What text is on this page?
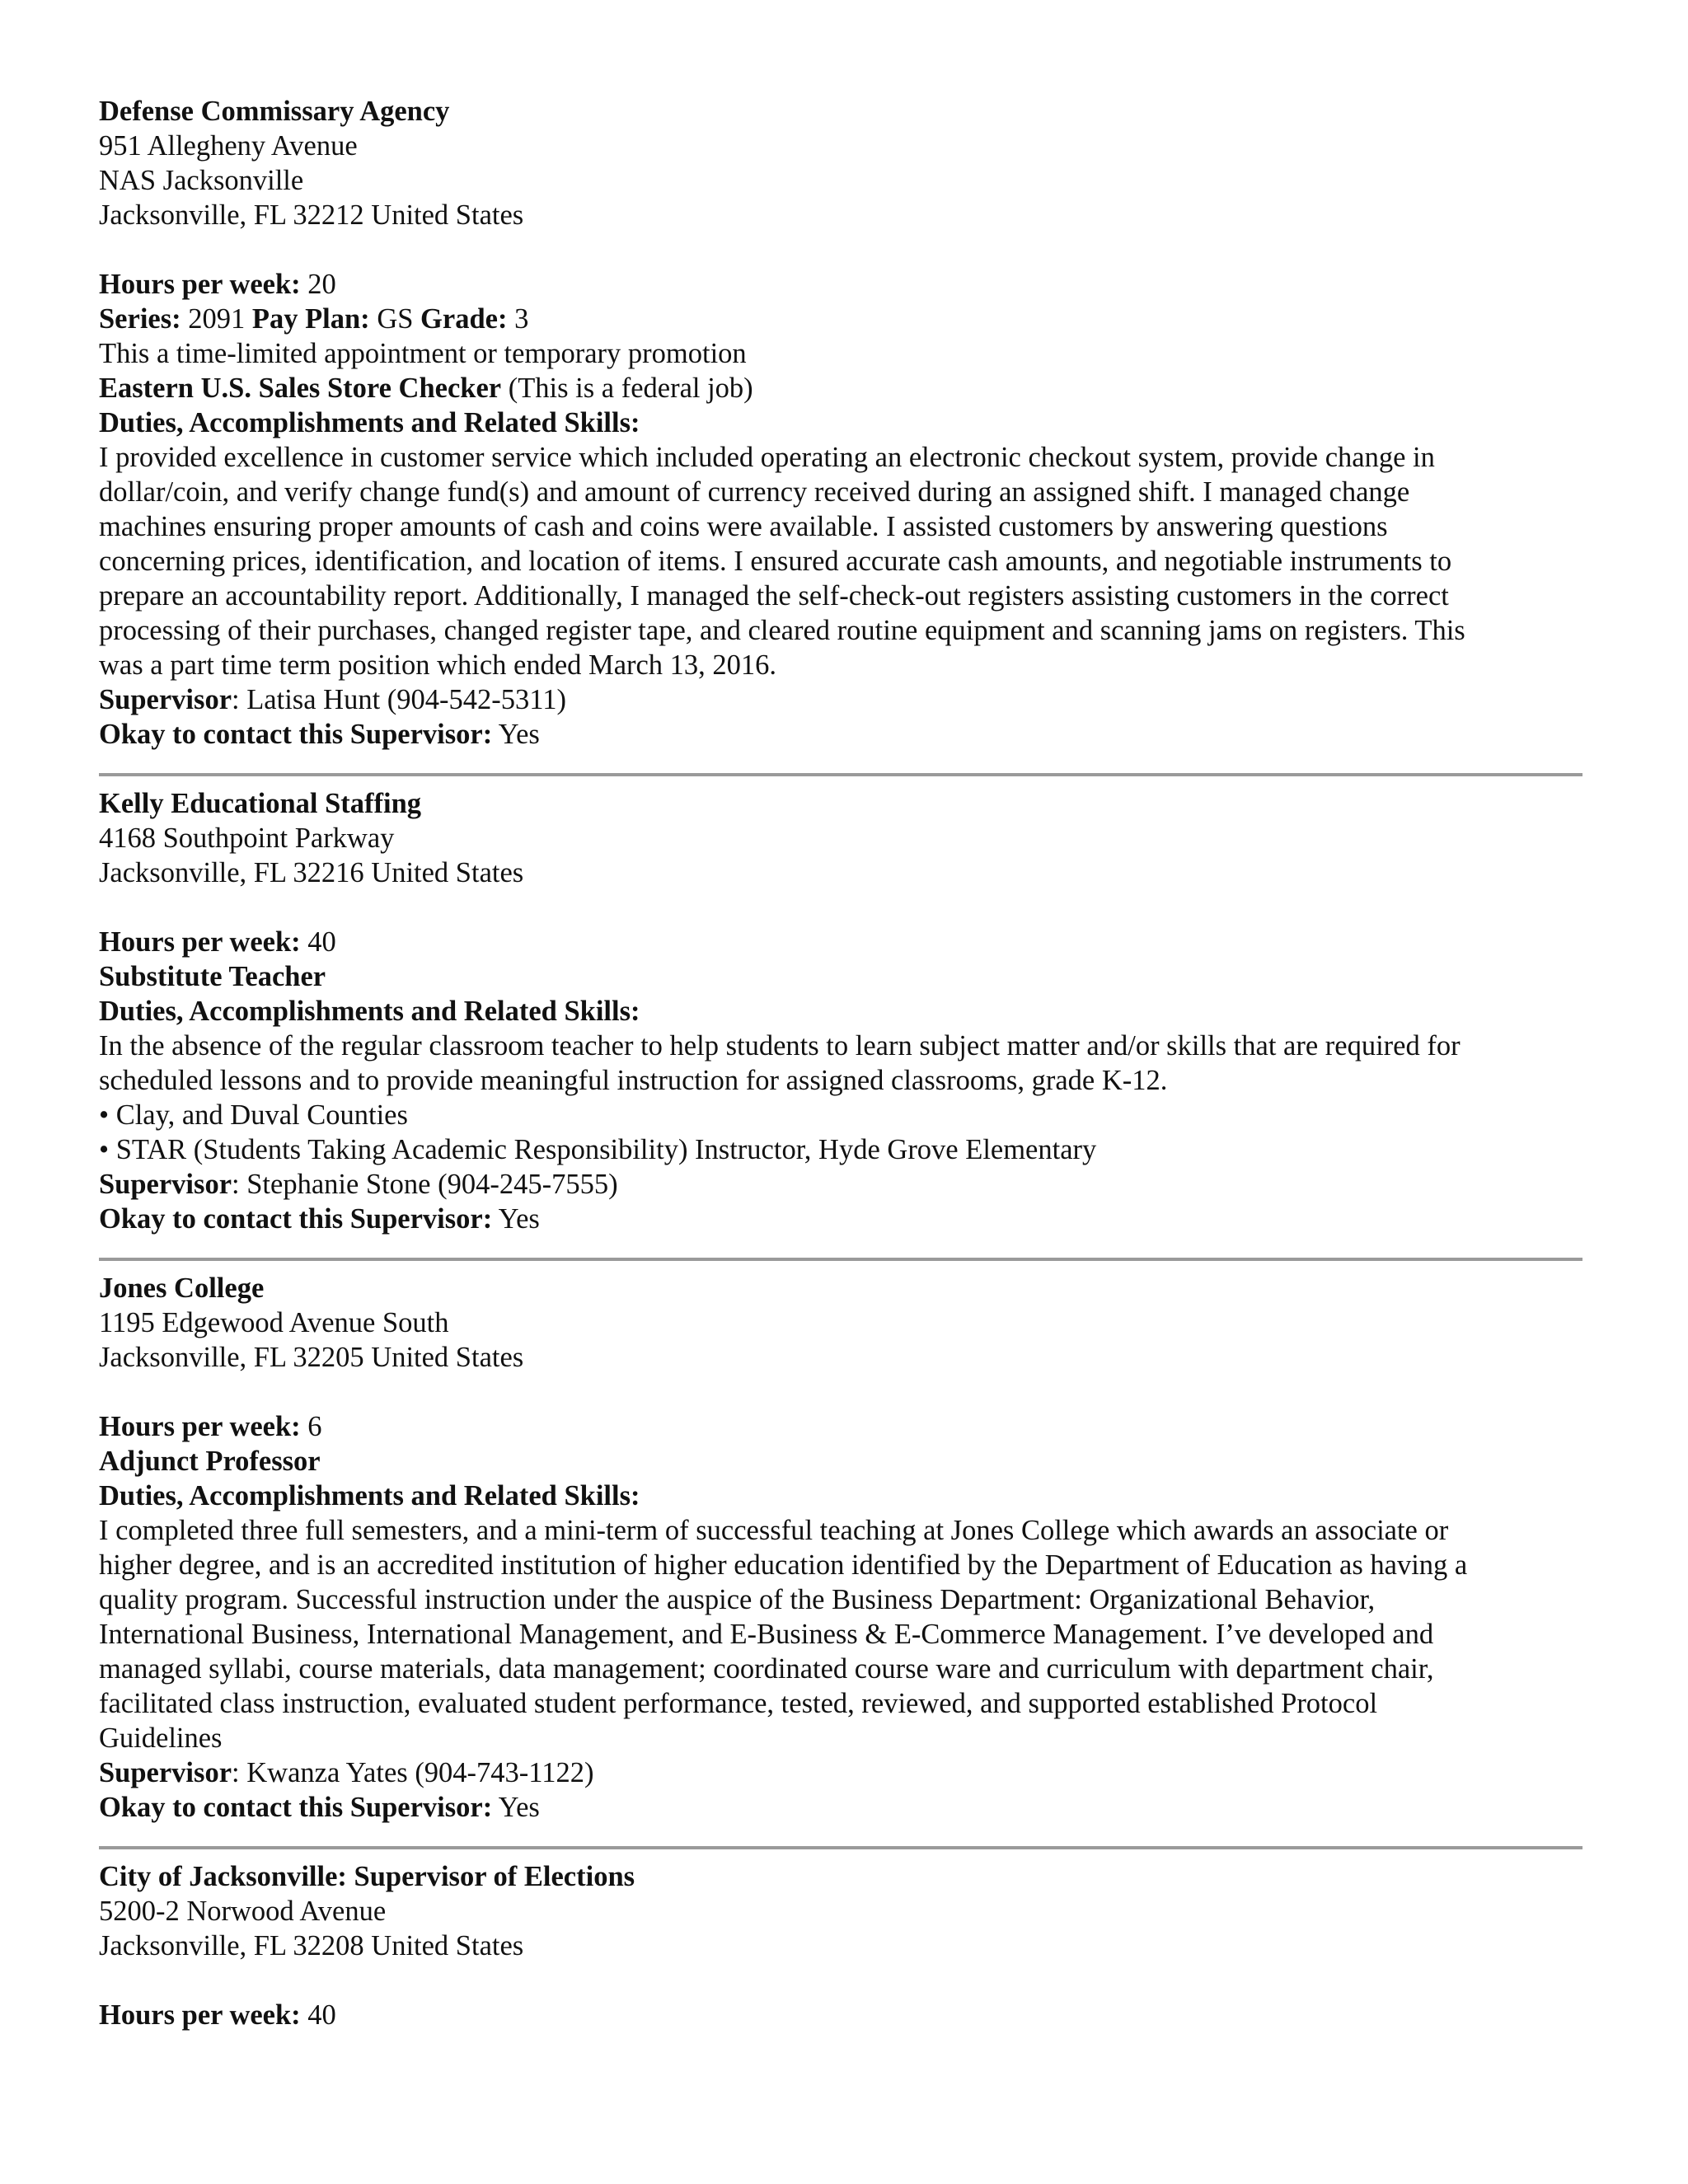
Defense Commissary Agency
951 Allegheny Avenue
NAS Jacksonville
Jacksonville, FL 32212 United States
Hours per week: 20
Series: 2091 Pay Plan: GS Grade: 3
This a time-limited appointment or temporary promotion
Eastern U.S. Sales Store Checker (This is a federal job)
Duties, Accomplishments and Related Skills:
I provided excellence in customer service which included operating an electronic checkout system, provide change in
dollar/coin, and verify change fund(s) and amount of currency received during an assigned shift. I managed change
machines ensuring proper amounts of cash and coins were available. I assisted customers by answering questions
concerning prices, identification, and location of items. I ensured accurate cash amounts, and negotiable instruments to
prepare an accountability report. Additionally, I managed the self-check-out registers assisting customers in the correct
processing of their purchases, changed register tape, and cleared routine equipment and scanning jams on registers. This
was a part time term position which ended March 13, 2016.
Supervisor: Latisa Hunt (904-542-5311)
Okay to contact this Supervisor: Yes
Kelly Educational Staffing
4168 Southpoint Parkway
Jacksonville, FL 32216 United States
Hours per week: 40
Substitute Teacher
Duties, Accomplishments and Related Skills:
In the absence of the regular classroom teacher to help students to learn subject matter and/or skills that are required for
scheduled lessons and to provide meaningful instruction for assigned classrooms, grade K-12.
• Clay, and Duval Counties
• STAR (Students Taking Academic Responsibility) Instructor, Hyde Grove Elementary
Supervisor: Stephanie Stone (904-245-7555)
Okay to contact this Supervisor: Yes
Jones College
1195 Edgewood Avenue South
Jacksonville, FL 32205 United States
Hours per week: 6
Adjunct Professor
Duties, Accomplishments and Related Skills:
I completed three full semesters, and a mini-term of successful teaching at Jones College which awards an associate or
higher degree, and is an accredited institution of higher education identified by the Department of Education as having a
quality program. Successful instruction under the auspice of the Business Department: Organizational Behavior,
International Business, International Management, and E-Business & E-Commerce Management. I’ve developed and
managed syllabi, course materials, data management; coordinated course ware and curriculum with department chair,
facilitated class instruction, evaluated student performance, tested, reviewed, and supported established Protocol
Guidelines
Supervisor: Kwanza Yates (904-743-1122)
Okay to contact this Supervisor: Yes
City of Jacksonville: Supervisor of Elections
5200-2 Norwood Avenue
Jacksonville, FL 32208 United States
Hours per week: 40
